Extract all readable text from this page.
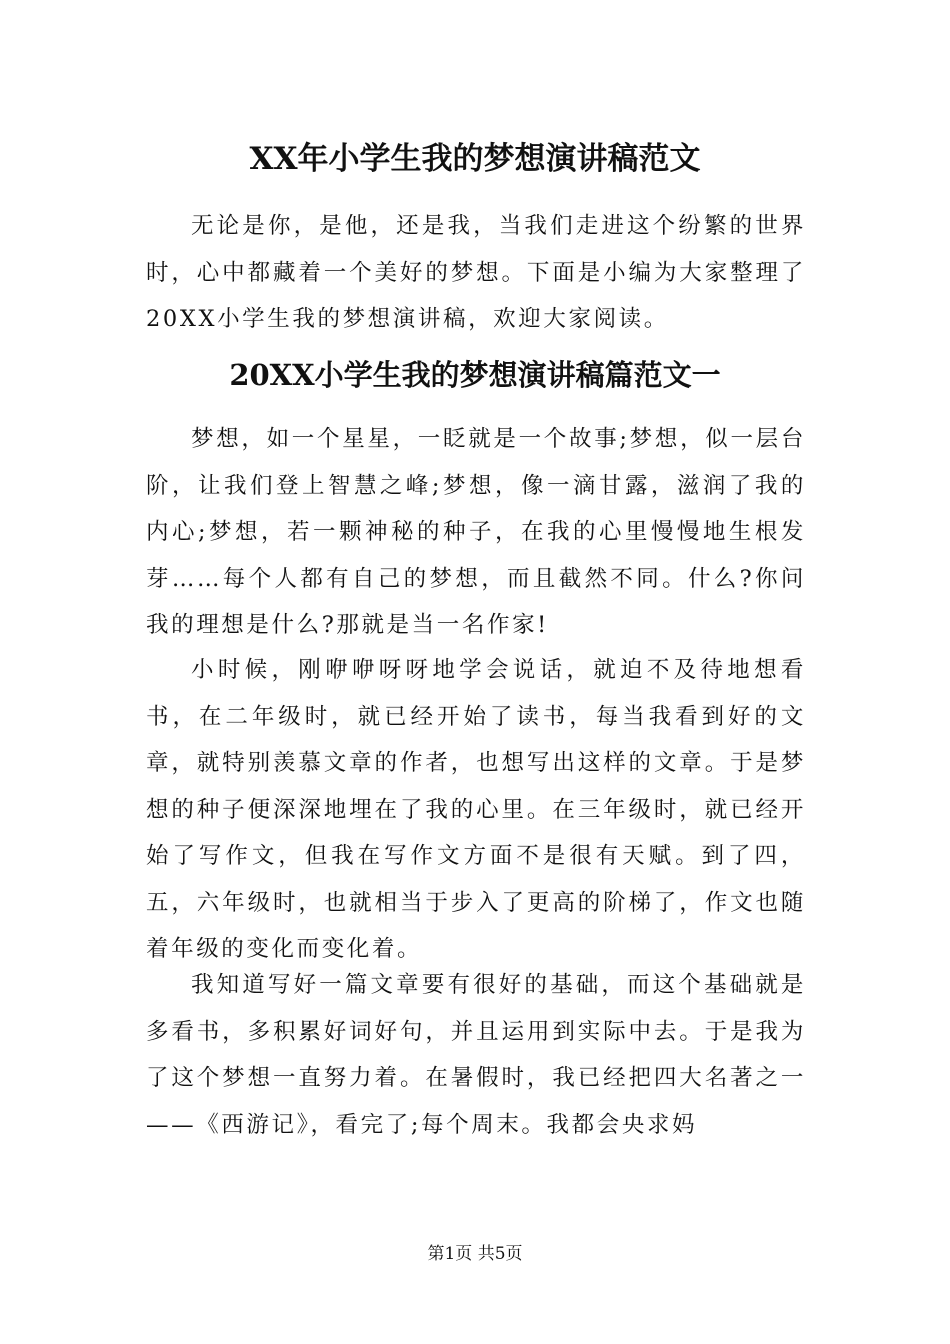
XX年小学生我的梦想演讲稿范文

无论是你，是他，还是我，当我们走进这个纷繁的世界时，心中都藏着一个美好的梦想。下面是小编为大家整理了20XX小学生我的梦想演讲稿，欢迎大家阅读。

20XX小学生我的梦想演讲稿篇范文一

梦想，如一个星星，一眨就是一个故事;梦想，似一层台阶，让我们登上智慧之峰;梦想，像一滴甘露，滋润了我的内心;梦想，若一颗神秘的种子，在我的心里慢慢地生根发芽……每个人都有自己的梦想，而且截然不同。什么?你问我的理想是什么?那就是当一名作家!

小时候，刚咿咿呀呀地学会说话，就迫不及待地想看书，在二年级时，就已经开始了读书，每当我看到好的文章，就特别羡慕文章的作者，也想写出这样的文章。于是梦想的种子便深深地埋在了我的心里。在三年级时，就已经开始了写作文，但我在写作文方面不是很有天赋。到了四，五，六年级时，也就相当于步入了更高的阶梯了，作文也随着年级的变化而变化着。

我知道写好一篇文章要有很好的基础，而这个基础就是多看书，多积累好词好句，并且运用到实际中去。于是我为了这个梦想一直努力着。在暑假时，我已经把四大名著之一——《西游记》，看完了;每个周末。我都会央求妈

第1页 共5页
